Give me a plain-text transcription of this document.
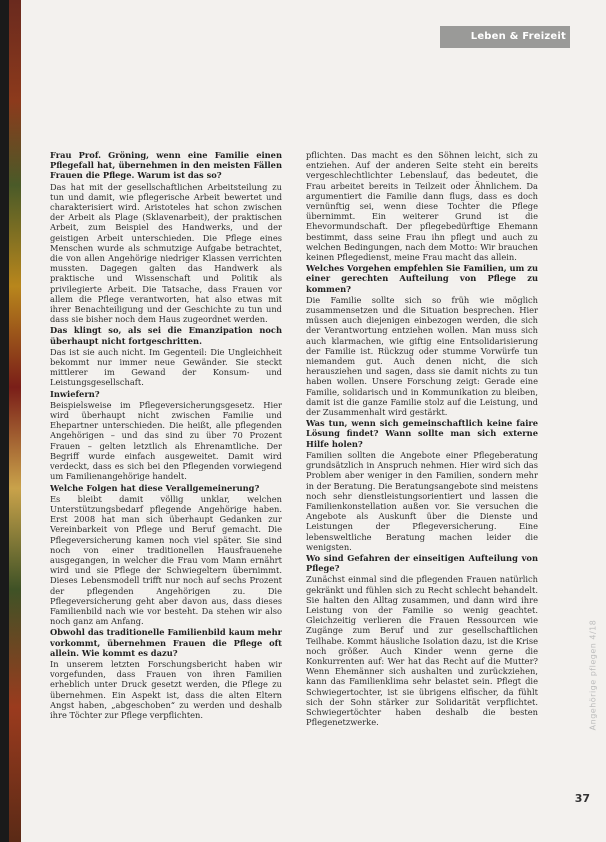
Leben & Freizeit

Frau Prof. Gröning, wenn eine Familie einen Pflegefall hat, übernehmen in den meisten Fällen Frauen die Pflege. Warum ist das so?

Das hat mit der gesellschaftlichen Arbeitsteilung zu tun und damit, wie pflegerische Arbeit bewertet und charakterisiert wird. Aristoteles hat schon zwischen der Arbeit als Plage (Sklavenarbeit), der praktischen Arbeit, zum Beispiel des Handwerks, und der geistigen Arbeit unterschieden. Die Pflege eines Menschen wurde als schmutzige Aufgabe betrachtet, die von allen Angehörige niedriger Klassen verrichten mussten. Dagegen galten das Handwerk als praktische und Wissenschaft und Politik als privilegierte Arbeit. Die Tatsache, dass Frauen vor allem die Pflege verantworten, hat also etwas mit ihrer Benachteiligung und der Geschichte zu tun und dass sie bisher noch dem Haus zugeordnet werden.

Das klingt so, als sei die Emanzipation noch überhaupt nicht fortgeschritten.

Das ist sie auch nicht. Im Gegenteil: Die Ungleichheit bekommt nur immer neue Gewänder. Sie steckt mittlerer im Gewand der Konsum- und Leistungsgesellschaft.

Inwiefern?

Beispielsweise im Pflegeversicherungsgesetz. Hier wird überhaupt nicht zwischen Familie und Ehepartner unterschieden. Die heißt, alle pflegenden Angehörigen – und das sind zu über 70 Prozent Frauen – gelten letztlich als Ehrenamtliche. Der Begriff wurde einfach ausgeweitet. Damit wird verdeckt, dass es sich bei den Pflegenden vorwiegend um Familienangehörige handelt.

Welche Folgen hat diese Verallgemeinerung?

Es bleibt damit völlig unklar, welchen Unterstützungsbedarf pflegende Angehörige haben. Erst 2008 hat man sich überhaupt Gedanken zur Vereinbarkeit von Pflege und Beruf gemacht. Die Pflegeversicherung kamen noch viel später. Sie sind noch von einer traditionellen Hausfrauenehe ausgegangen, in welcher die Frau vom Mann ernährt wird und sie Pflege der Schwiegeltern übernimmt. Dieses Lebensmodell trifft nur noch auf sechs Prozent der pflegenden Angehörigen zu. Die Pflegeversicherung geht aber davon aus, dass dieses Familienbild nach wie vor besteht. Da stehen wir also noch ganz am Anfang.

Obwohl das traditionelle Familienbild kaum mehr vorkommt, übernehmen Frauen die Pflege oft allein. Wie kommt es dazu?

In unserem letzten Forschungsbericht haben wir vorgefunden, dass Frauen von ihren Familien erheblich unter Druck gesetzt werden, die Pflege zu übernehmen. Ein Aspekt ist, dass die alten Eltern Angst haben, „abgeschoben“ zu werden und deshalb ihre Töchter zur Pflege verpflichten.

pflichten. Das macht es den Söhnen leicht, sich zu entziehen. Auf der anderen Seite steht ein bereits vergeschlechtlichter Lebenslauf, das bedeutet, die Frau arbeitet bereits in Teilzeit oder Ähnlichem. Da argumentiert die Familie dann flugs, dass es doch vernünftig sei, wenn diese Tochter die Pflege übernimmt. Ein weiterer Grund ist die Ehevormundschaft. Der pflegebedürftige Ehemann bestimmt, dass seine Frau ihn pflegt und auch zu welchen Bedingungen, nach dem Motto: Wir brauchen keinen Pflegedienst, meine Frau macht das allein.

Welches Vorgehen empfehlen Sie Familien, um zu einer gerechten Aufteilung von Pflege zu kommen?

Die Familie sollte sich so früh wie möglich zusammensetzen und die Situation besprechen. Hier müssen auch diejenigen einbezogen werden, die sich der Verantwortung entziehen wollen. Man muss sich auch klarmachen, wie giftig eine Entsolidarisierung der Familie ist. Rückzug oder stumme Vorwürfe tun niemandem gut. Auch denen nicht, die sich herausziehen und sagen, dass sie damit nichts zu tun haben wollen. Unsere Forschung zeigt: Gerade eine Familie, solidarisch und in Kommunikation zu bleiben, damit ist die ganze Familie stolz auf die Leistung, und der Zusammenhalt wird gestärkt.

Was tun, wenn sich gemeinschaftlich keine faire Lösung findet? Wann sollte man sich externe Hilfe holen?

Familien sollten die Angebote einer Pflegeberatung grundsätzlich in Anspruch nehmen. Hier wird sich das Problem aber weniger in den Familien, sondern mehr in der Beratung. Die Beratungsangebote sind meistens noch sehr dienstleistungsorientiert und lassen die Familienkonstellation außen vor. Sie versuchen die Angebote als Auskunft über die Dienste und Leistungen der Pflegeversicherung. Eine lebensweltliche Beratung machen leider die wenigsten.

Wo sind Gefahren der einseitigen Aufteilung von Pflege?

Zunächst einmal sind die pflegenden Frauen natürlich gekränkt und fühlen sich zu Recht schlecht behandelt. Sie halten den Alltag zusammen, und dann wird ihre Leistung von der Familie so wenig geachtet. Gleichzeitig verlieren die Frauen Ressourcen wie Zugänge zum Beruf und zur gesellschaftlichen Teilhabe. Kommt häusliche Isolation dazu, ist die Krise noch größer. Auch Kinder wenn gerne die Konkurrenten auf: Wer hat das Recht auf die Mutter? Wenn Ehemänner sich aushalten und zurückziehen, kann das Familienklima sehr belastet sein. Pflegt die Schwiegertochter, ist sie übrigens elfischer, da fühlt sich der Sohn stärker zur Solidarität verpflichtet. Schwiegertöchter haben deshalb die besten Pflegenetzwerke.	Angehörige pflegen 4/18
37
